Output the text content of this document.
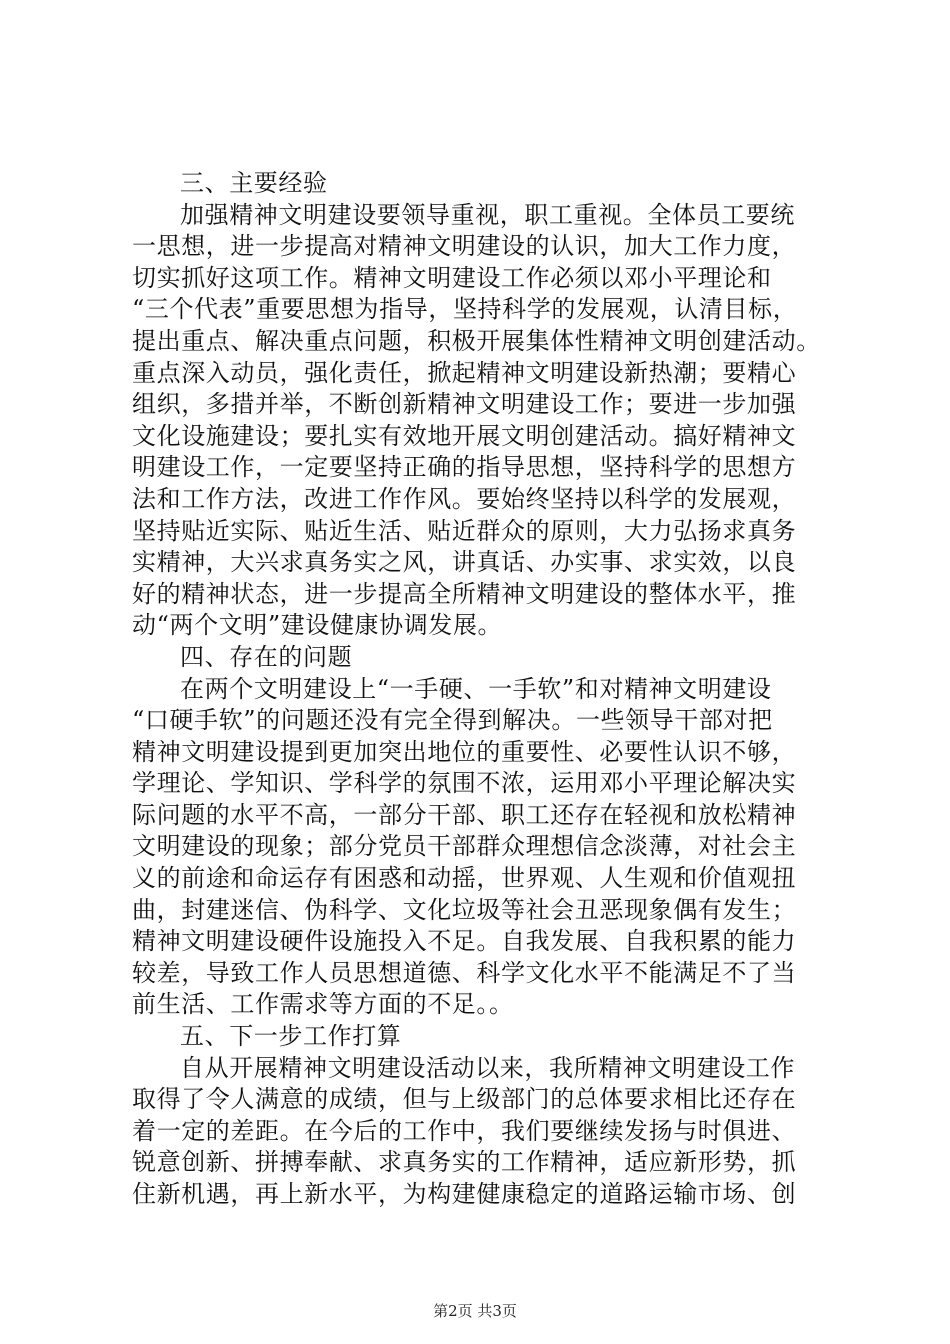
三、主要经验
加强精神文明建设要领导重视，职工重视。全体员工要统
一思想，进一步提高对精神文明建设的认识，加大工作力度，
切实抓好这项工作。精神文明建设工作必须以邓小平理论和
“三个代表”重要思想为指导，坚持科学的发展观，认清目标，
提出重点、解决重点问题，积极开展集体性精神文明创建活动。
重点深入动员，强化责任，掀起精神文明建设新热潮；要精心
组织，多措并举，不断创新精神文明建设工作；要进一步加强
文化设施建设；要扎实有效地开展文明创建活动。搞好精神文
明建设工作，一定要坚持正确的指导思想，坚持科学的思想方
法和工作方法，改进工作作风。要始终坚持以科学的发展观，
坚持贴近实际、贴近生活、贴近群众的原则，大力弘扬求真务
实精神，大兴求真务实之风，讲真话、办实事、求实效，以良
好的精神状态，进一步提高全所精神文明建设的整体水平，推
动“两个文明”建设健康协调发展。
四、存在的问题
在两个文明建设上“一手硬、一手软”和对精神文明建设
“口硬手软”的问题还没有完全得到解决。一些领导干部对把
精神文明建设提到更加突出地位的重要性、必要性认识不够，
学理论、学知识、学科学的氛围不浓，运用邓小平理论解决实
际问题的水平不高，一部分干部、职工还存在轻视和放松精神
文明建设的现象；部分党员干部群众理想信念淡薄，对社会主
义的前途和命运存有困惑和动摇，世界观、人生观和价值观扭
曲，封建迷信、伪科学、文化垃圾等社会丑恶现象偶有发生；
精神文明建设硬件设施投入不足。自我发展、自我积累的能力
较差，导致工作人员思想道德、科学文化水平不能满足不了当
前生活、工作需求等方面的不足。。
五、下一步工作打算
自从开展精神文明建设活动以来，我所精神文明建设工作
取得了令人满意的成绩，但与上级部门的总体要求相比还存在
着一定的差距。在今后的工作中，我们要继续发扬与时俱进、
锐意创新、拼搏奉献、求真务实的工作精神，适应新形势，抓
住新机遇，再上新水平，为构建健康稳定的道路运输市场、创
第2页 共3页
